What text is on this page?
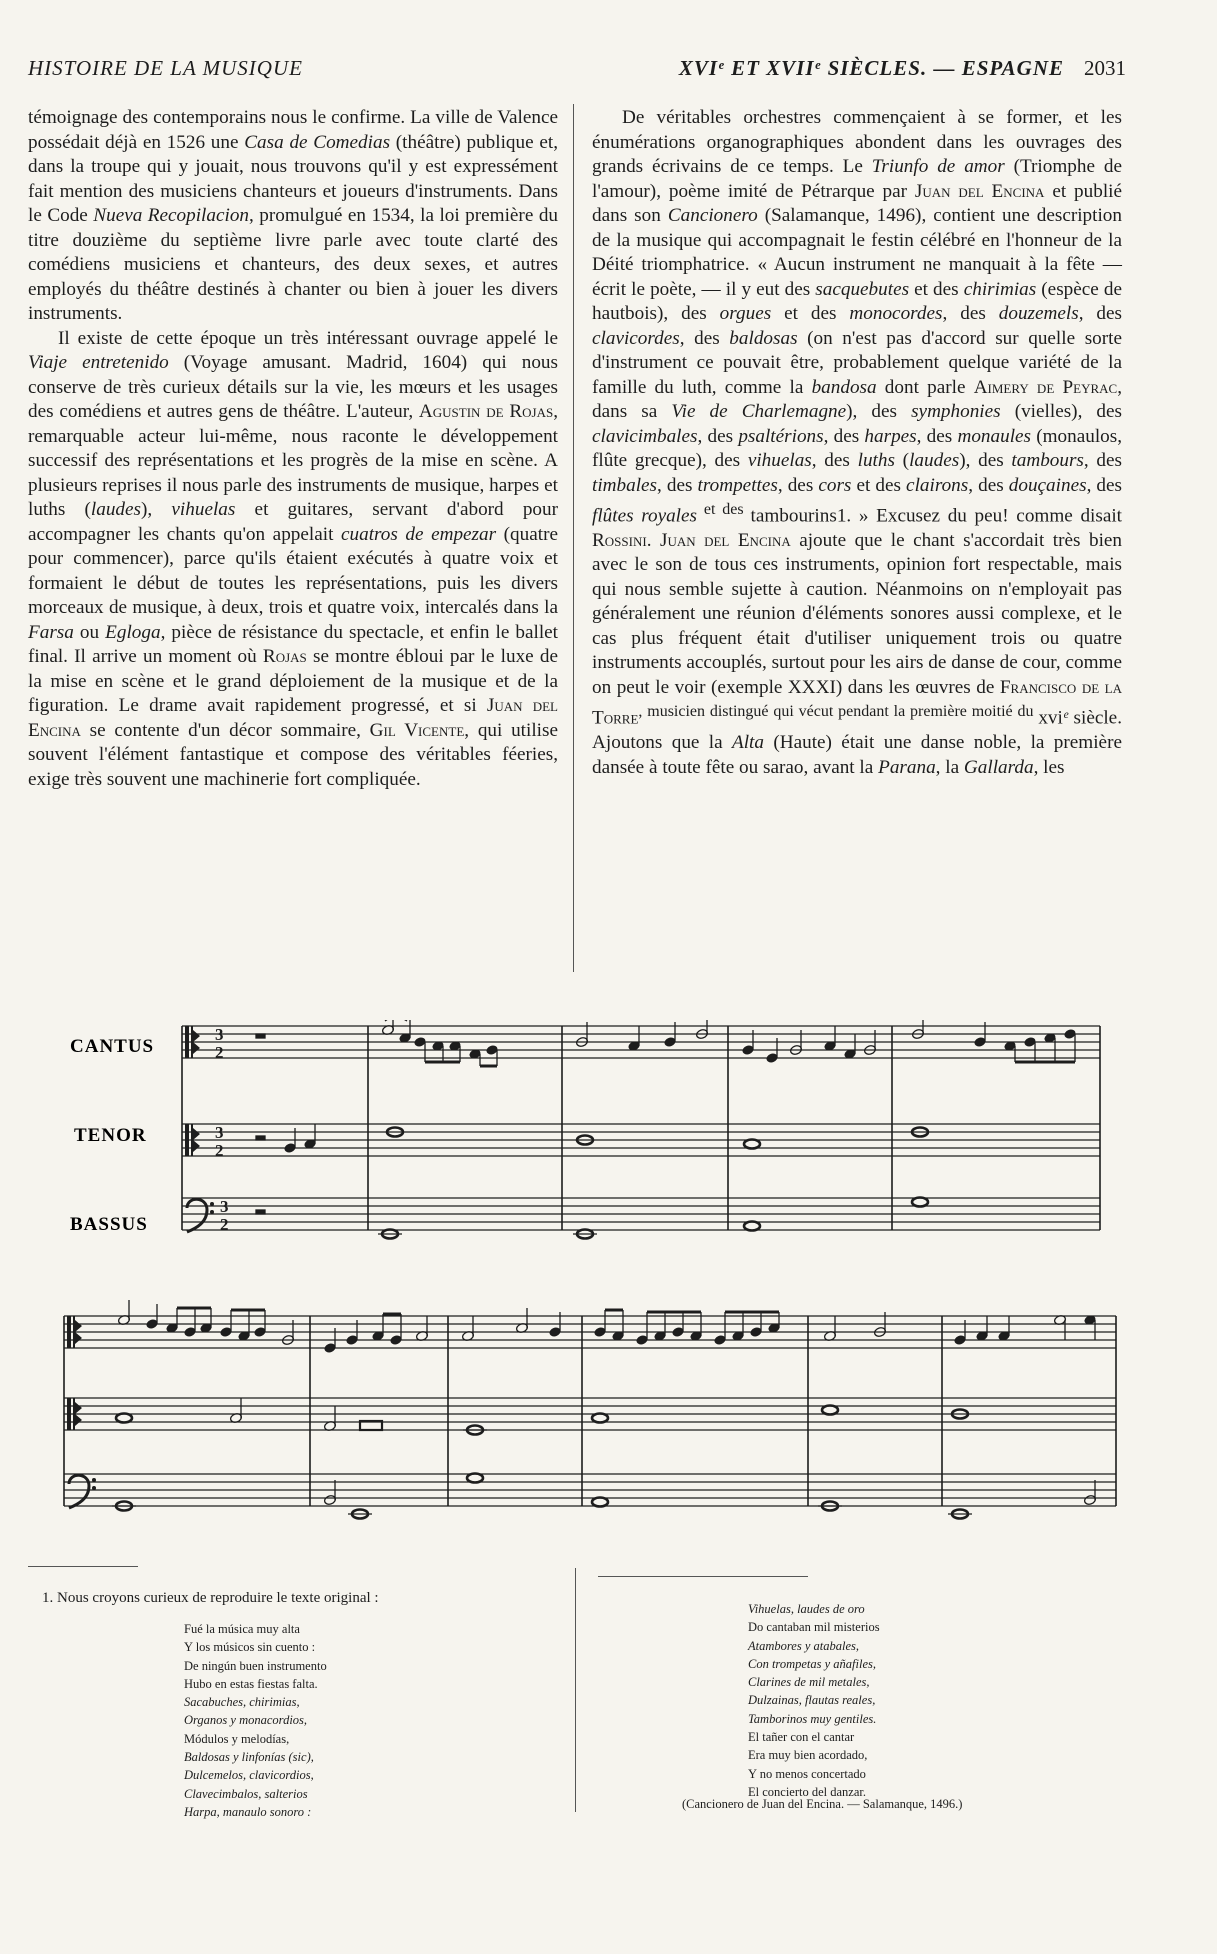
HISTOIRE DE LA MUSIQUE	XVIᵉ ET XVIIᵉ SIÈCLES. — ESPAGNE 2031

témoignage des contemporains nous le confirme. La ville de Valence possédait déjà en 1526 une Casa de Comedias (théâtre) publique et, dans la troupe qui y jouait, nous trouvons qu'il y est expressément fait mention des musiciens chanteurs et joueurs d'instruments. Dans le Code Nueva Recopilacion, promulgué en 1534, la loi première du titre douzième du septième livre parle avec toute clarté des comédiens musiciens et chanteurs, des deux sexes, et autres employés du théâtre destinés à chanter ou bien à jouer les divers instruments.

Il existe de cette époque un très intéressant ouvrage appelé le Viaje entretenido (Voyage amusant. Madrid, 1604) qui nous conserve de très curieux détails sur la vie, les mœurs et les usages des comédiens et autres gens de théâtre. L'auteur, Agustin de Rojas, remarquable acteur lui-même, nous raconte le développement successif des représentations et les progrès de la mise en scène. A plusieurs reprises il nous parle des instruments de musique, harpes et luths (laudes), vihuelas et guitares, servant d'abord pour accompagner les chants qu'on appelait cuatros de empezar (quatre pour commencer), parce qu'ils étaient exécutés à quatre voix et formaient le début de toutes les représentations, puis les divers morceaux de musique, à deux, trois et quatre voix, intercalés dans la Farsa ou Egloga, pièce de résistance du spectacle, et enfin le ballet final. Il arrive un moment où Rojas se montre ébloui par le luxe de la mise en scène et le grand déploiement de la musique et de la figuration. Le drame avait rapidement progressé, et si Juan del Encina se contente d'un décor sommaire, Gil Vicente, qui utilise souvent l'élément fantastique et compose des véritables féeries, exige très souvent une machinerie fort compliquée.

De véritables orchestres commençaient à se former, et les énumérations organographiques abondent dans les ouvrages des grands écrivains de ce temps. Le Triunfo de amor (Triomphe de l'amour), poème imité de Pétrarque par Juan del Encina et publié dans son Cancionero (Salamanque, 1496), contient une description de la musique qui accompagnait le festin célébré en l'honneur de la Déité triomphatrice. « Aucun instrument ne manquait à la fête — écrit le poète, — il y eut des sacquebutes et des chirimias (espèce de hautbois), des orgues et des monocordes, des douzemels, des clavicordes, des baldosas (on n'est pas d'accord sur quelle sorte d'instrument ce pouvait être, probablement quelque variété de la famille du luth, comme la bandosa dont parle Aimery de Peyrac, dans sa Vie de Charlemagne), des symphonies (vielles), des clavicimbales, des psaltérions, des harpes, des monaules (monaulos, flûte grecque), des vihuelas, des luths (laudes), des tambours, des timbales, des trompettes, des cors et des clairons, des douçaines, des flûtes royales $^{et des}$ tambourins1. » Excusez du peu! comme disait Rossini. Juan del Encina ajoute que le chant s'accordait très bien avec le son de tous ces instruments, opinion fort respectable, mais qui nous semble sujette à caution. Néanmoins on n'employait pas généralement une réunion d'éléments sonores aussi complexe, et le cas plus fréquent était d'utiliser uniquement trois ou quatre instruments accouplés, surtout pour les airs de danse de cour, comme on peut le voir (exemple XXXI) dans les œuvres de Francisco de la Torre$^{, musicien distingué qui vécut pendant la première moitié du}$ xviᵉ siècle. Ajoutons que la Alta (Haute) était une danse noble, la première dansée à toute fête ou sarao, avant la Parana, la Gallarda, les

CANTUS
TENOR
BASSUS
3
2
3
2
3
2
1. Nous croyons curieux de reproduire le texte original :
Fué la música muy alta
Y los músicos sin cuento :
De ningún buen instrumento
Hubo en estas fiestas falta.
Sacabuches, chirimias,
Organos y monacordios,
Módulos y melodías,
Baldosas y linfonías (sic),
Dulcemelos, clavicordios,
Clavecimbalos, salterios
Harpa, manaulo sonoro :
Vihuelas, laudes de oro
Do cantaban mil misterios
Atambores y atabales,
Con trompetas y añafiles,
Clarines de mil metales,
Dulzainas, flautas reales,
Tamborinos muy gentiles.
El tañer con el cantar
Era muy bien acordado,
Y no menos concertado
El concierto del danzar.
(Cancionero de Juan del Encina. — Salamanque, 1496.)
